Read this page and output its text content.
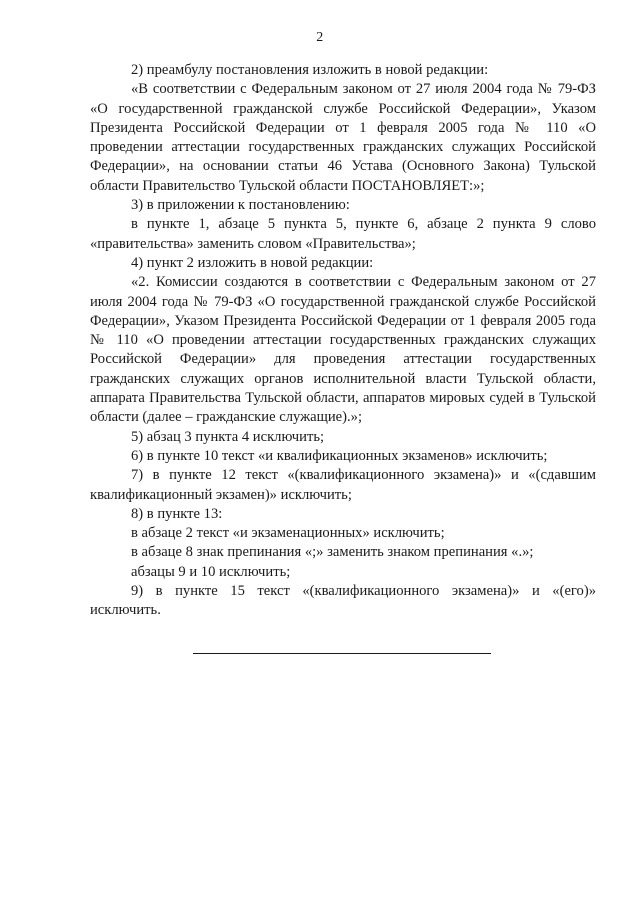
2

2) преамбулу постановления изложить в новой редакции:

«В соответствии с Федеральным законом от 27 июля 2004 года № 79-ФЗ «О государственной гражданской службе Российской Федерации», Указом Президента Российской Федерации от 1 февраля 2005 года № 110 «О проведении аттестации государственных гражданских служащих Российской Федерации», на основании статьи 46 Устава (Основного Закона) Тульской области Правительство Тульской области ПОСТАНОВЛЯЕТ:»;

3) в приложении к постановлению:

в пункте 1, абзаце 5 пункта 5, пункте 6, абзаце 2 пункта 9 слово «правительства» заменить словом «Правительства»;

4) пункт 2 изложить в новой редакции:

«2. Комиссии создаются в соответствии с Федеральным законом от 27 июля 2004 года № 79-ФЗ «О государственной гражданской службе Российской Федерации», Указом Президента Российской Федерации от 1 февраля 2005 года № 110 «О проведении аттестации государственных гражданских служащих Российской Федерации» для проведения аттестации государственных гражданских служащих органов исполнительной власти Тульской области, аппарата Правительства Тульской области, аппаратов мировых судей в Тульской области (далее – гражданские служащие).»;

5) абзац 3 пункта 4 исключить;

6) в пункте 10 текст «и квалификационных экзаменов» исключить;

7) в пункте 12 текст «(квалификационного экзамена)» и «(сдавшим квалификационный экзамен)» исключить;

8) в пункте 13:

в абзаце 2 текст «и экзаменационных» исключить;

в абзаце 8 знак препинания «;» заменить знаком препинания «.»;

абзацы 9 и 10 исключить;

9) в пункте 15 текст «(квалификационного экзамена)» и «(его)» исключить.
